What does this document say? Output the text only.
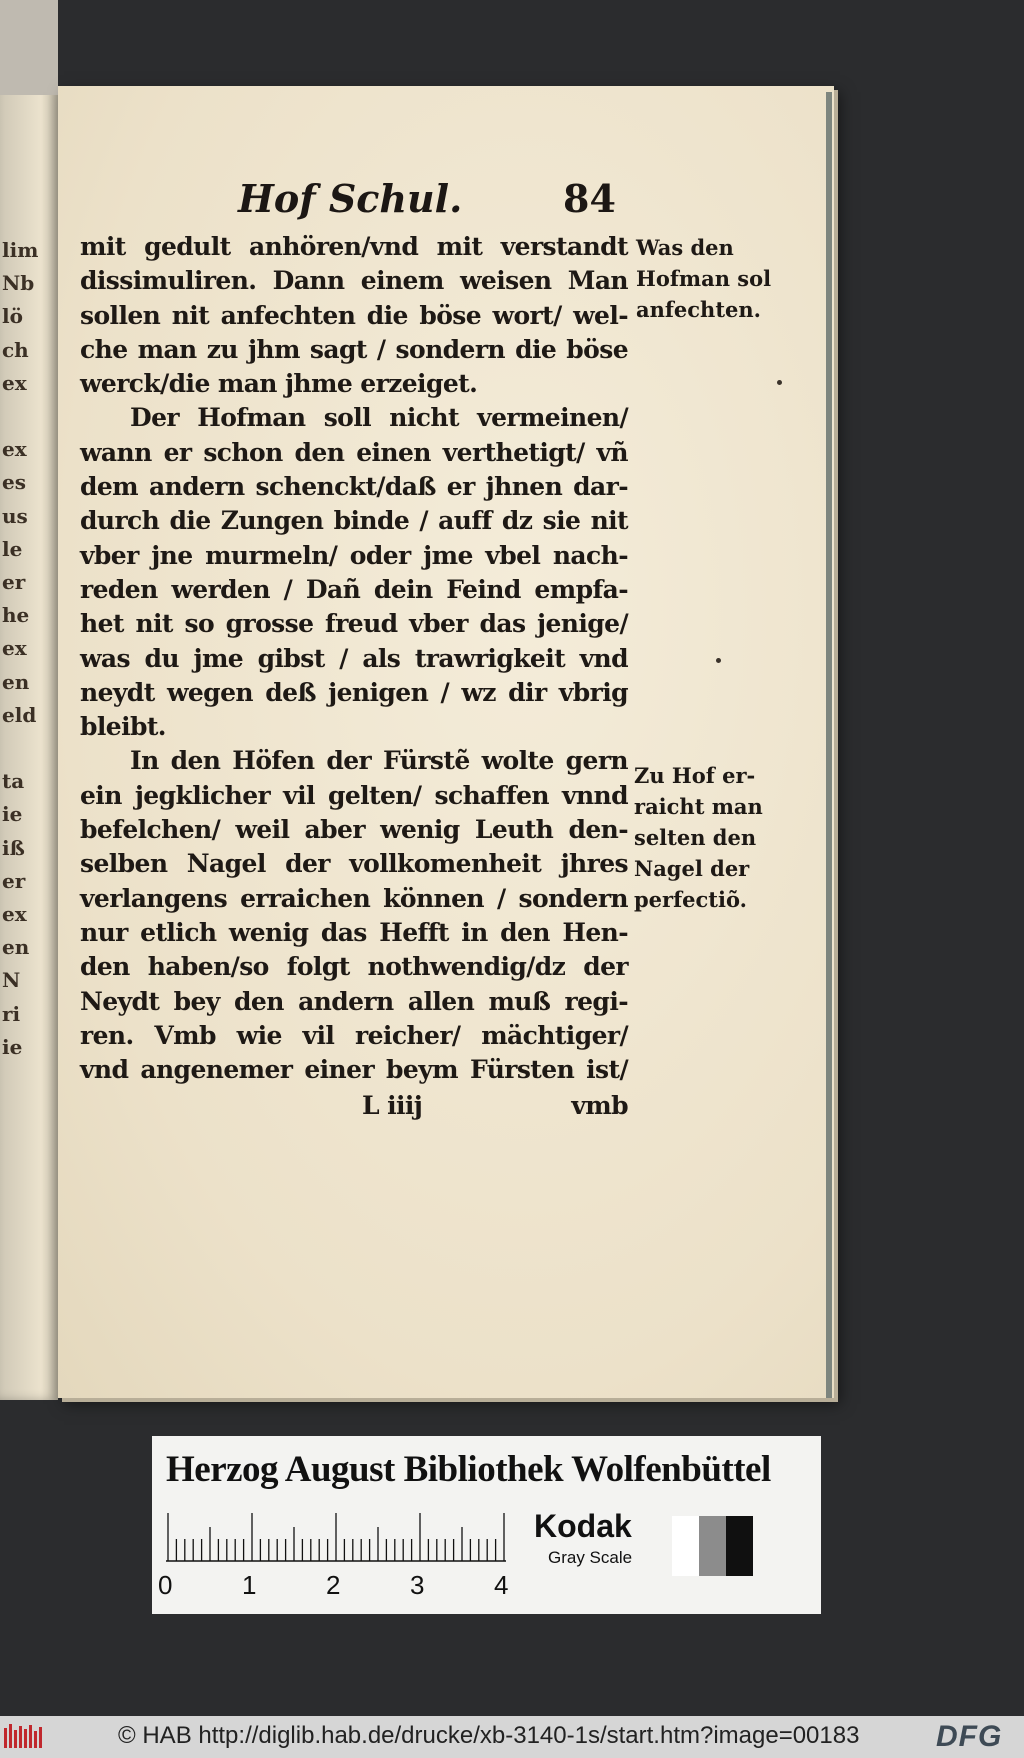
lim
Nb
lö
ch
ex
ex
es
us
le
er
he
ex
en
eld
ta
ie
iß
er
ex
en
N
ri
ie
Hof Schul.	84
mit gedult anhören/vnd mit verstandt
dissimuliren. Dann einem weisen Man
sollen nit anfechten die böse wort/ wel-
che man zu jhm sagt / sondern die böse
werck/die man jhme erzeiget.
Der Hofman soll nicht vermeinen/
wann er schon den einen verthetigt/ vñ
dem andern schenckt/daß er jhnen dar-
durch die Zungen binde / auff dz sie nit
vber jne murmeln/ oder jme vbel nach-
reden werden / Dañ dein Feind empfa-
het nit so grosse freud vber das jenige/
was du jme gibst / als trawrigkeit vnd
neydt wegen deß jenigen / wz dir vbrig
bleibt.
In den Höfen der Fürstẽ wolte gern
ein jegklicher vil gelten/ schaffen vnnd
befelchen/ weil aber wenig Leuth den-
selben Nagel der vollkomenheit jhres
verlangens erraichen können / sondern
nur etlich wenig das Hefft in den Hen-
den haben/so folgt nothwendig/dz der
Neydt bey den andern allen muß regi-
ren. Vmb wie vil reicher/ mächtiger/
vnd angenemer einer beym Fürsten ist/
L iiij	vmb
Was den
Hofman sol
anfechten.
Zu Hof er-
raicht man
selten den
Nagel der
perfectiõ.
Herzog August Bibliothek Wolfenbüttel
0	1	2	3	4
Kodak
Gray Scale
© HAB http://diglib.hab.de/drucke/xb-3140-1s/start.htm?image=00183	DFG
